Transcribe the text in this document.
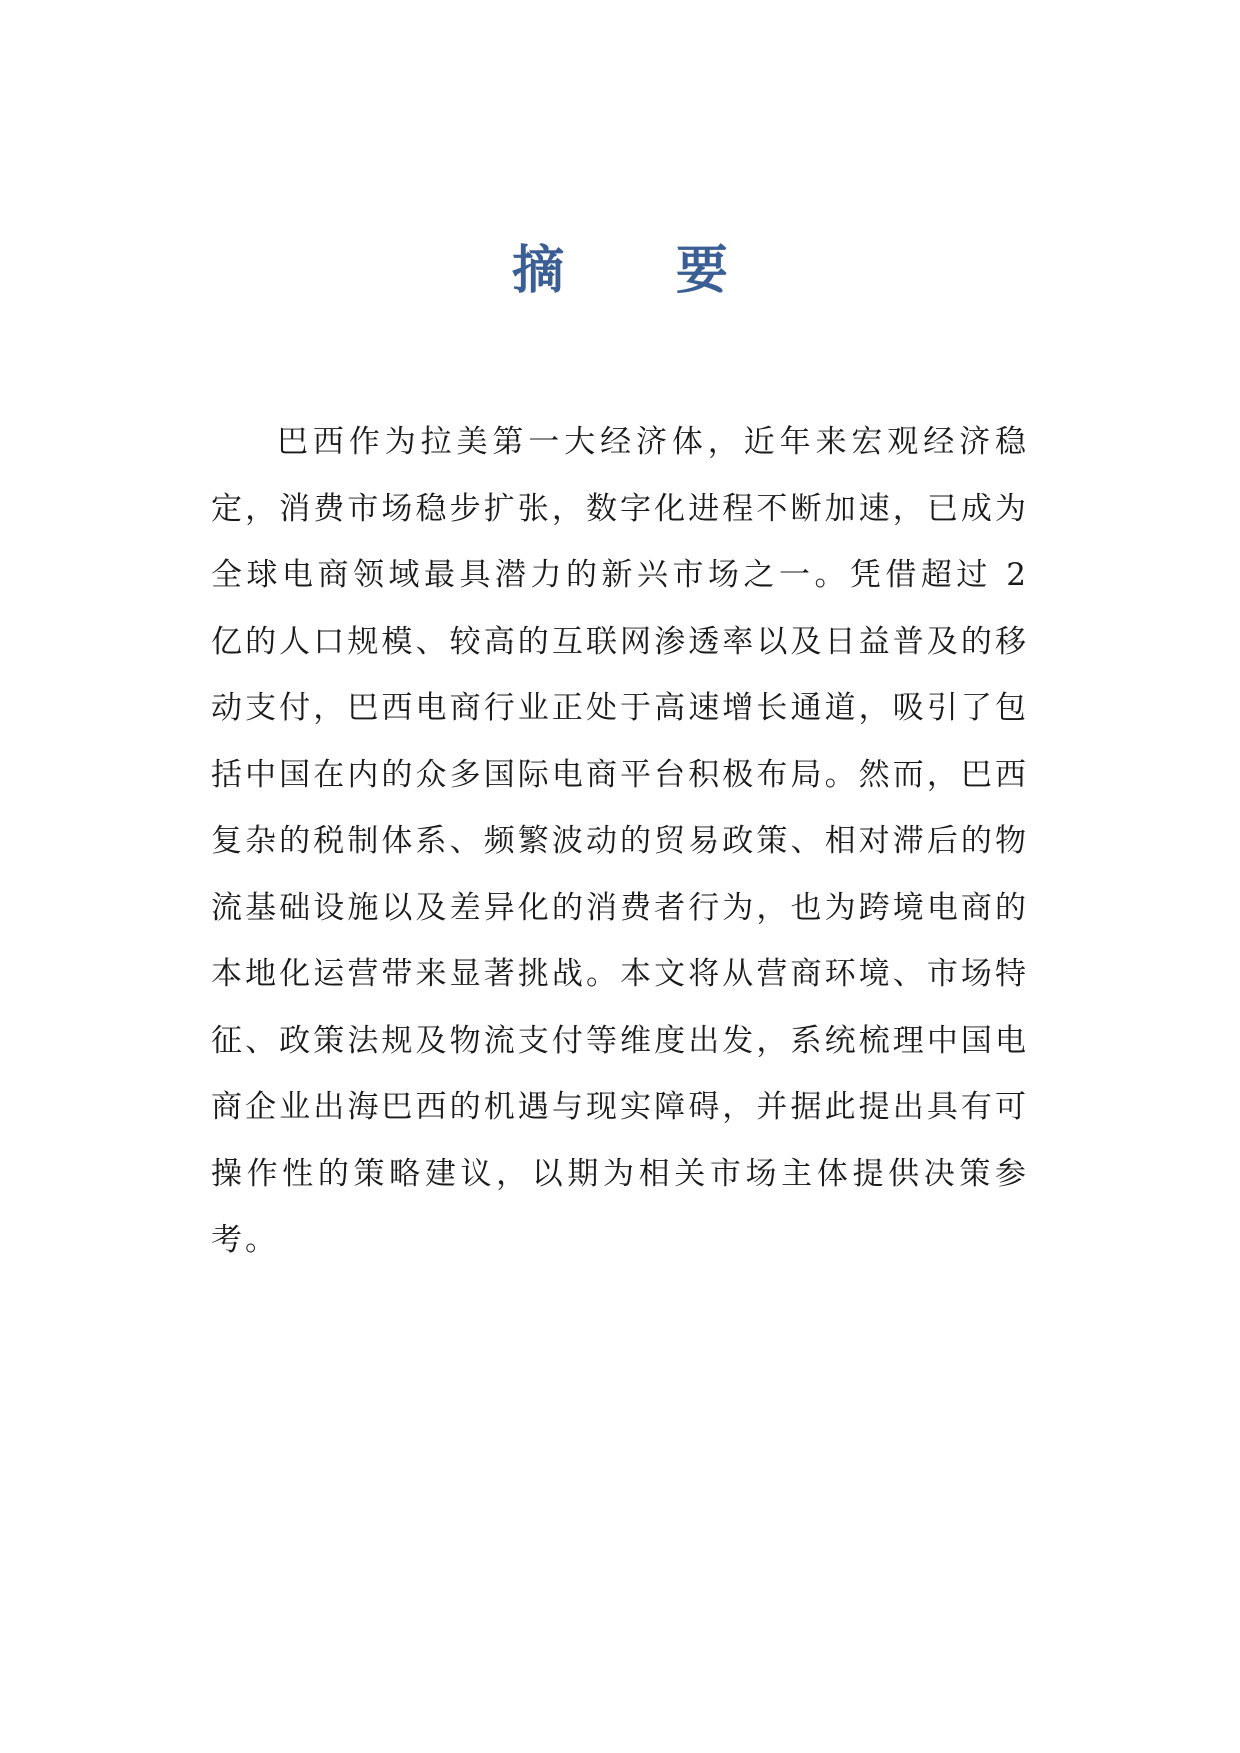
摘 要

巴西作为拉美第一大经济体，近年来宏观经济稳定，消费市场稳步扩张，数字化进程不断加速，已成为全球电商领域最具潜力的新兴市场之一。凭借超过 2 亿的人口规模、较高的互联网渗透率以及日益普及的移动支付，巴西电商行业正处于高速增长通道，吸引了包括中国在内的众多国际电商平台积极布局。然而，巴西复杂的税制体系、频繁波动的贸易政策、相对滞后的物流基础设施以及差异化的消费者行为，也为跨境电商的本地化运营带来显著挑战。本文将从营商环境、市场特征、政策法规及物流支付等维度出发，系统梳理中国电商企业出海巴西的机遇与现实障碍，并据此提出具有可操作性的策略建议，以期为相关市场主体提供决策参考。
